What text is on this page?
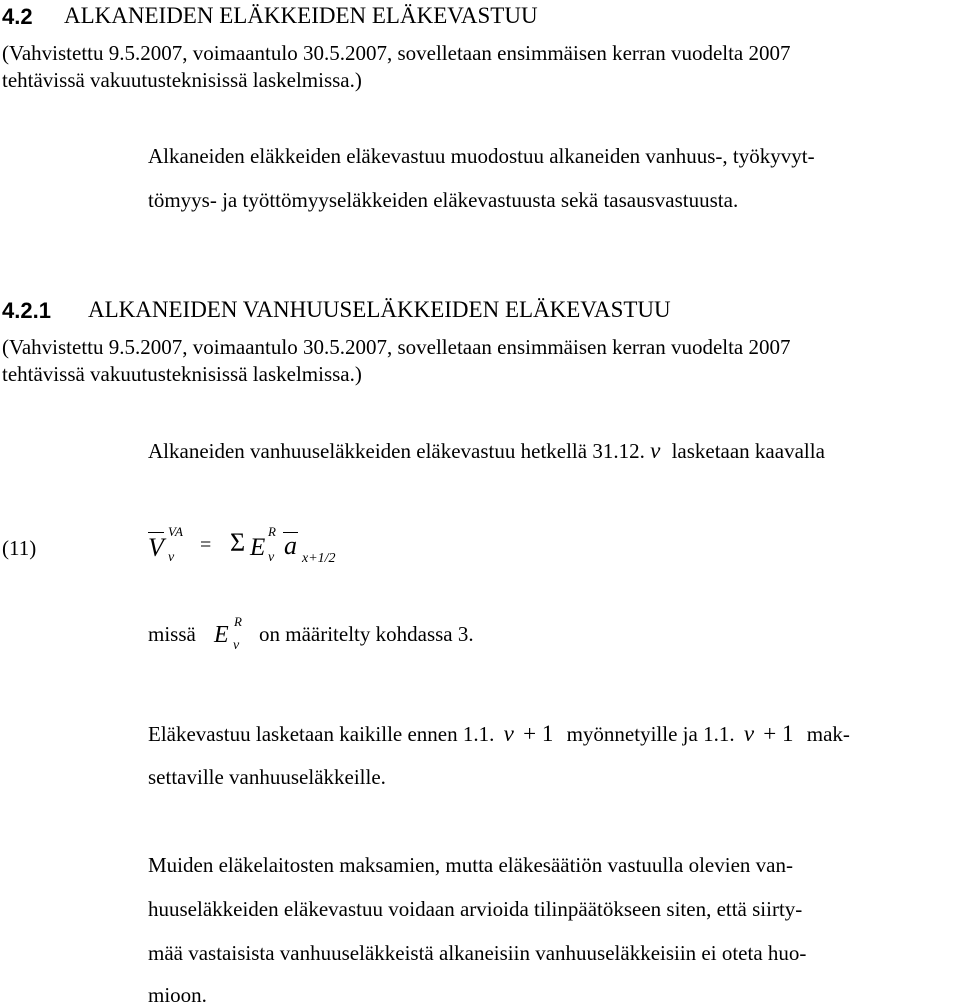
4.2 ALKANEIDEN ELÄKKEIDEN ELÄKEVASTUU
(Vahvistettu 9.5.2007, voimaantulo 30.5.2007, sovelletaan ensimmäisen kerran vuodelta 2007
tehtävissä vakuutusteknisissä laskelmissa.)
Alkaneiden eläkkeiden eläkevastuu muodostuu alkaneiden vanhuus-, työkyvyt-
tömyys- ja työttömyyseläkkeiden eläkevastuusta sekä tasausvastuusta.
4.2.1 ALKANEIDEN VANHUUSELÄKKEIDEN ELÄKEVASTUU
(Vahvistettu 9.5.2007, voimaantulo 30.5.2007, sovelletaan ensimmäisen kerran vuodelta 2007
tehtävissä vakuutusteknisissä laskelmissa.)
Alkaneiden vanhuuseläkkeiden eläkevastuu hetkellä 31.12. v lasketaan kaavalla
(11)	V
VA
v
= Σ E
R
v a x+1/2
missä E
R
v on määritelty kohdassa 3.
Eläkevastuu lasketaan kaikille ennen 1.1. v + 1 myönnetyille ja 1.1. v + 1 mak-
settaville vanhuuseläkkeille.
Muiden eläkelaitosten maksamien, mutta eläkesäätiön vastuulla olevien van-
huuseläkkeiden eläkevastuu voidaan arvioida tilinpäätökseen siten, että siirty-
mää vastaisista vanhuuseläkkeistä alkaneisiin vanhuuseläkkeisiin ei oteta huo-
mioon.
